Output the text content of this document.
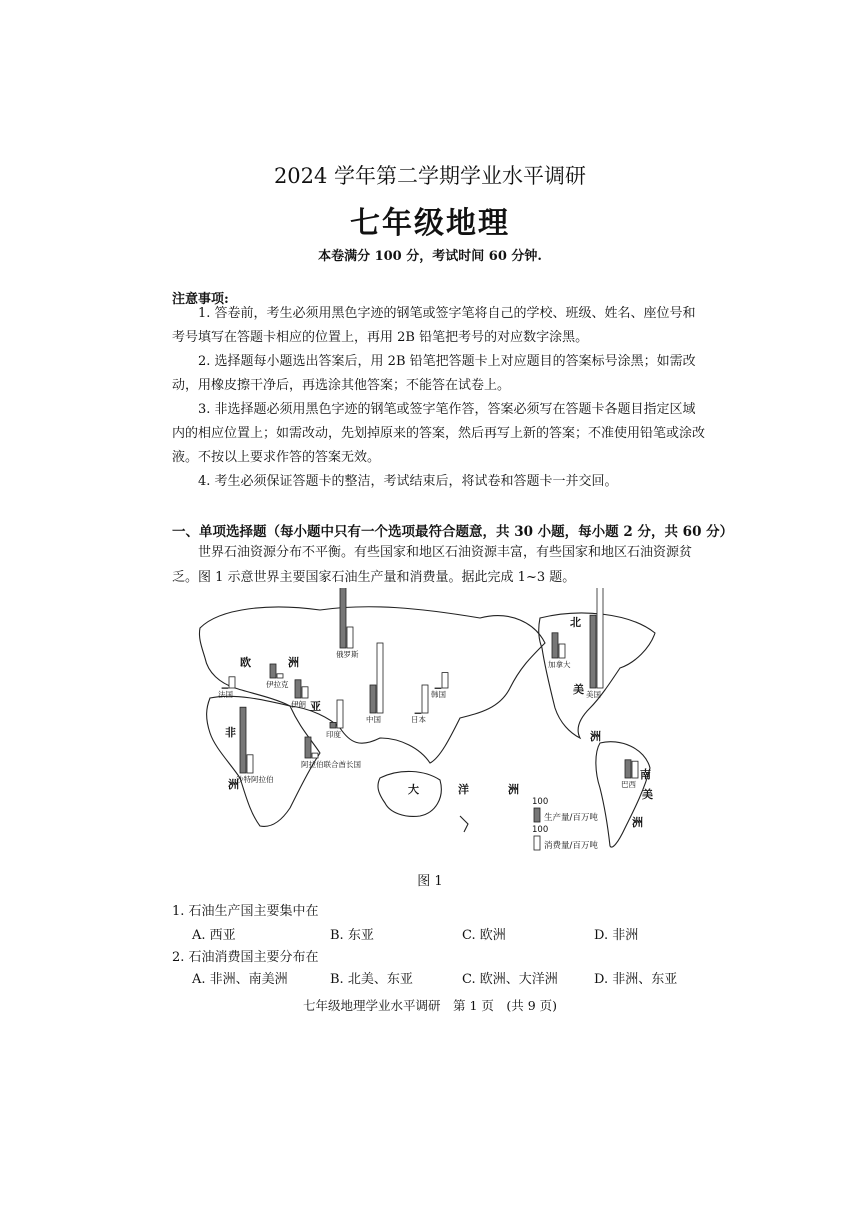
2024 学年第二学期学业水平调研
七年级地理
本卷满分 100 分，考试时间 60 分钟.
注意事项:
1. 答卷前，考生必须用黑色字迹的钢笔或签字笔将自己的学校、班级、姓名、座位号和考号填写在答题卡相应的位置上，再用 2B 铅笔把考号的对应数字涂黑。
2. 选择题每小题选出答案后，用 2B 铅笔把答题卡上对应题目的答案标号涂黑；如需改动，用橡皮擦干净后，再选涂其他答案；不能答在试卷上。
3. 非选择题必须用黑色字迹的钢笔或签字笔作答，答案必须写在答题卡各题目指定区域内的相应位置上；如需改动，先划掉原来的答案，然后再写上新的答案；不准使用铅笔或涂改液。不按以上要求作答的答案无效。
4. 考生必须保证答题卡的整洁，考试结束后，将试卷和答题卡一并交回。
一、单项选择题（每小题中只有一个选项最符合题意，共 30 小题，每小题 2 分，共 60 分）
世界石油资源分布不平衡。有些国家和地区石油资源丰富，有些国家和地区石油资源贫乏。图 1 示意世界主要国家石油生产量和消费量。据此完成 1~3 题。
法国
伊拉克
伊朗
沙特阿拉伯
阿拉伯联合酋长国
俄罗斯
印度
中国	日本
韩国
加拿大
美国
巴西
欧	洲
亚
非
洲	大	洋	洲
北
美
洲
南
美
洲
100
生产量/百万吨
100
消费量/百万吨
图 1
1. 石油生产国主要集中在
A. 西亚	B. 东亚	C. 欧洲	D. 非洲
2. 石油消费国主要分布在
A. 非洲、南美洲	B. 北美、东亚	C. 欧洲、大洋洲	D. 非洲、东亚
七年级地理学业水平调研　第 1 页　(共 9 页)
